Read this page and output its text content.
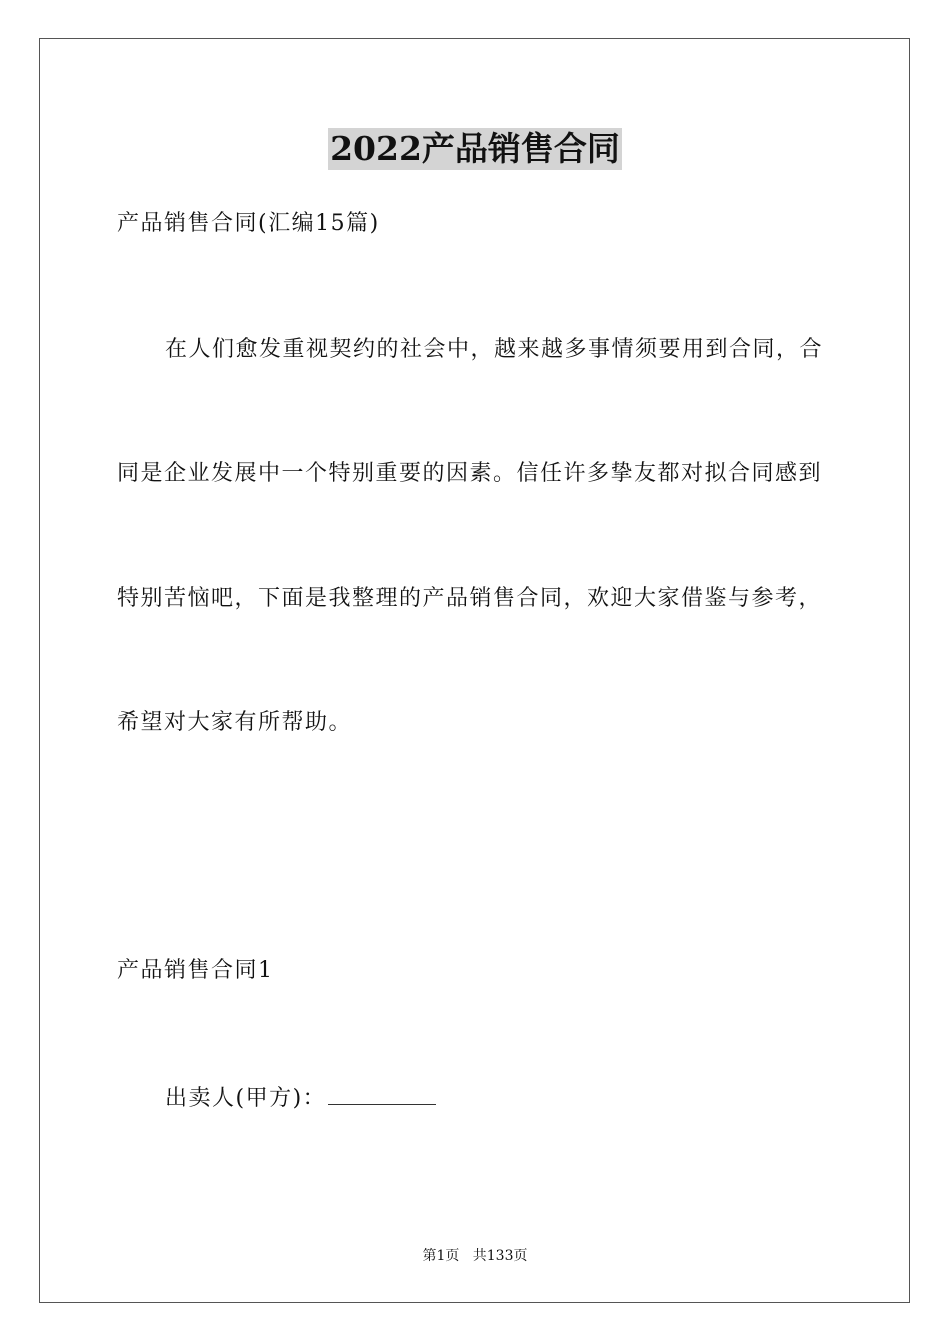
2022产品销售合同
产品销售合同(汇编15篇)
在人们愈发重视契约的社会中，越来越多事情须要用到合同，合
同是企业发展中一个特别重要的因素。信任许多挚友都对拟合同感到
特别苦恼吧，下面是我整理的产品销售合同，欢迎大家借鉴与参考，
希望对大家有所帮助。
产品销售合同1
出卖人(甲方)：
第1页   共133页
